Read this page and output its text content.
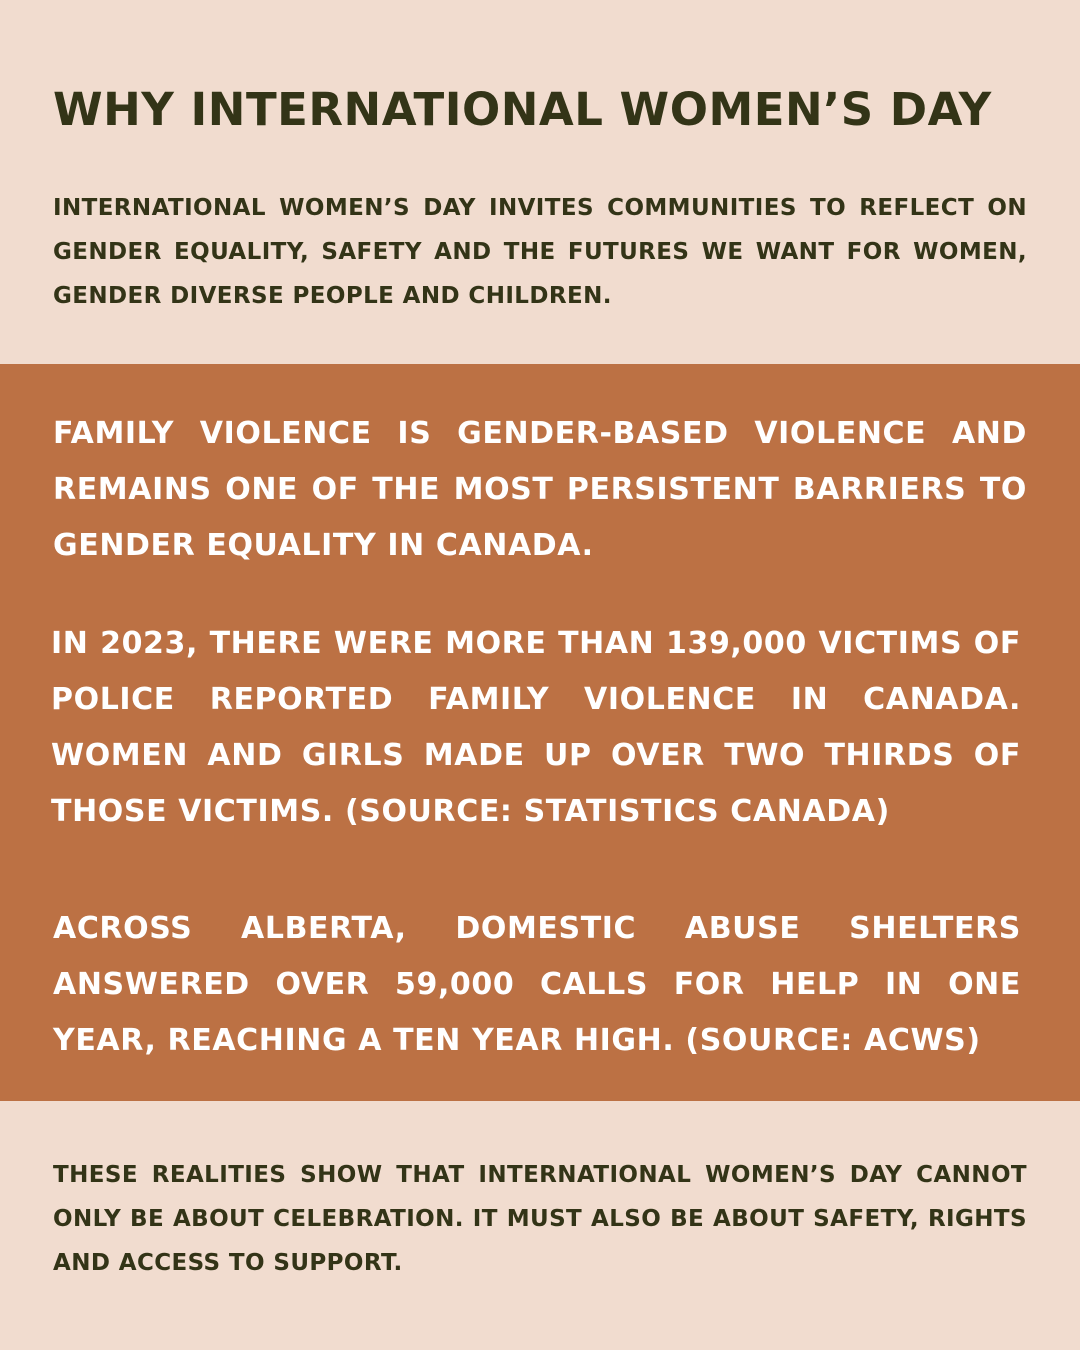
WHY INTERNATIONAL WOMEN’S DAY

INTERNATIONAL WOMEN’S DAY INVITES COMMUNITIES TO REFLECT ON GENDER EQUALITY, SAFETY AND THE FUTURES WE WANT FOR WOMEN, GENDER DIVERSE PEOPLE AND CHILDREN.

FAMILY VIOLENCE IS GENDER-BASED VIOLENCE AND REMAINS ONE OF THE MOST PERSISTENT BARRIERS TO GENDER EQUALITY IN CANADA.

IN 2023, THERE WERE MORE THAN 139,000 VICTIMS OF POLICE REPORTED FAMILY VIOLENCE IN CANADA. WOMEN AND GIRLS MADE UP OVER TWO THIRDS OF THOSE VICTIMS. (SOURCE: STATISTICS CANADA)

ACROSS ALBERTA, DOMESTIC ABUSE SHELTERS ANSWERED OVER 59,000 CALLS FOR HELP IN ONE YEAR, REACHING A TEN YEAR HIGH. (SOURCE: ACWS)

THESE REALITIES SHOW THAT INTERNATIONAL WOMEN’S DAY CANNOT ONLY BE ABOUT CELEBRATION. IT MUST ALSO BE ABOUT SAFETY, RIGHTS AND ACCESS TO SUPPORT.
